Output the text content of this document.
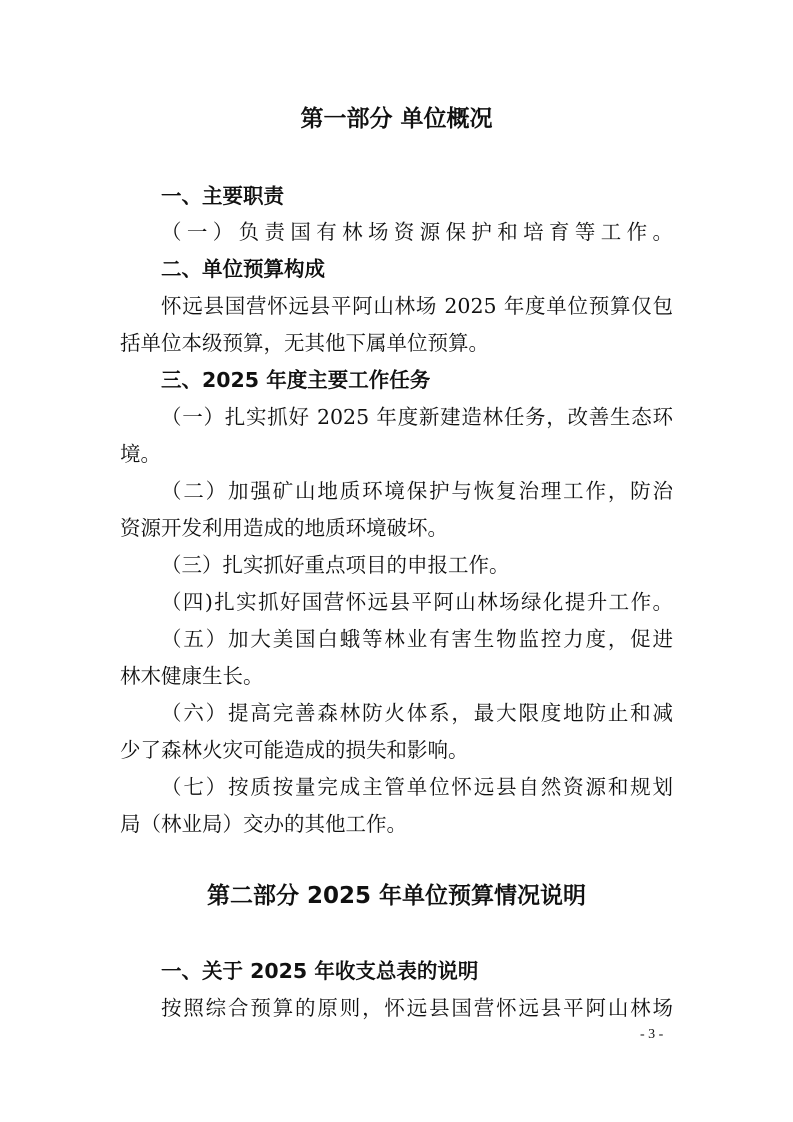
第一部分 单位概况
一、主要职责
（一）负责国有林场资源保护和培育等工作。
二、单位预算构成
怀远县国营怀远县平阿山林场 2025 年度单位预算仅包
括单位本级预算，无其他下属单位预算。
三、2025 年度主要工作任务
（一）扎实抓好 2025 年度新建造林任务，改善生态环
境。
（二）加强矿山地质环境保护与恢复治理工作，防治
资源开发利用造成的地质环境破坏。
（三）扎实抓好重点项目的申报工作。
（四)扎实抓好国营怀远县平阿山林场绿化提升工作。
（五）加大美国白蛾等林业有害生物监控力度，促进
林木健康生长。
（六）提高完善森林防火体系，最大限度地防止和减
少了森林火灾可能造成的损失和影响。
（七）按质按量完成主管单位怀远县自然资源和规划
局（林业局）交办的其他工作。
第二部分 2025 年单位预算情况说明
一、关于 2025 年收支总表的说明
按照综合预算的原则，怀远县国营怀远县平阿山林场
- 3 -
